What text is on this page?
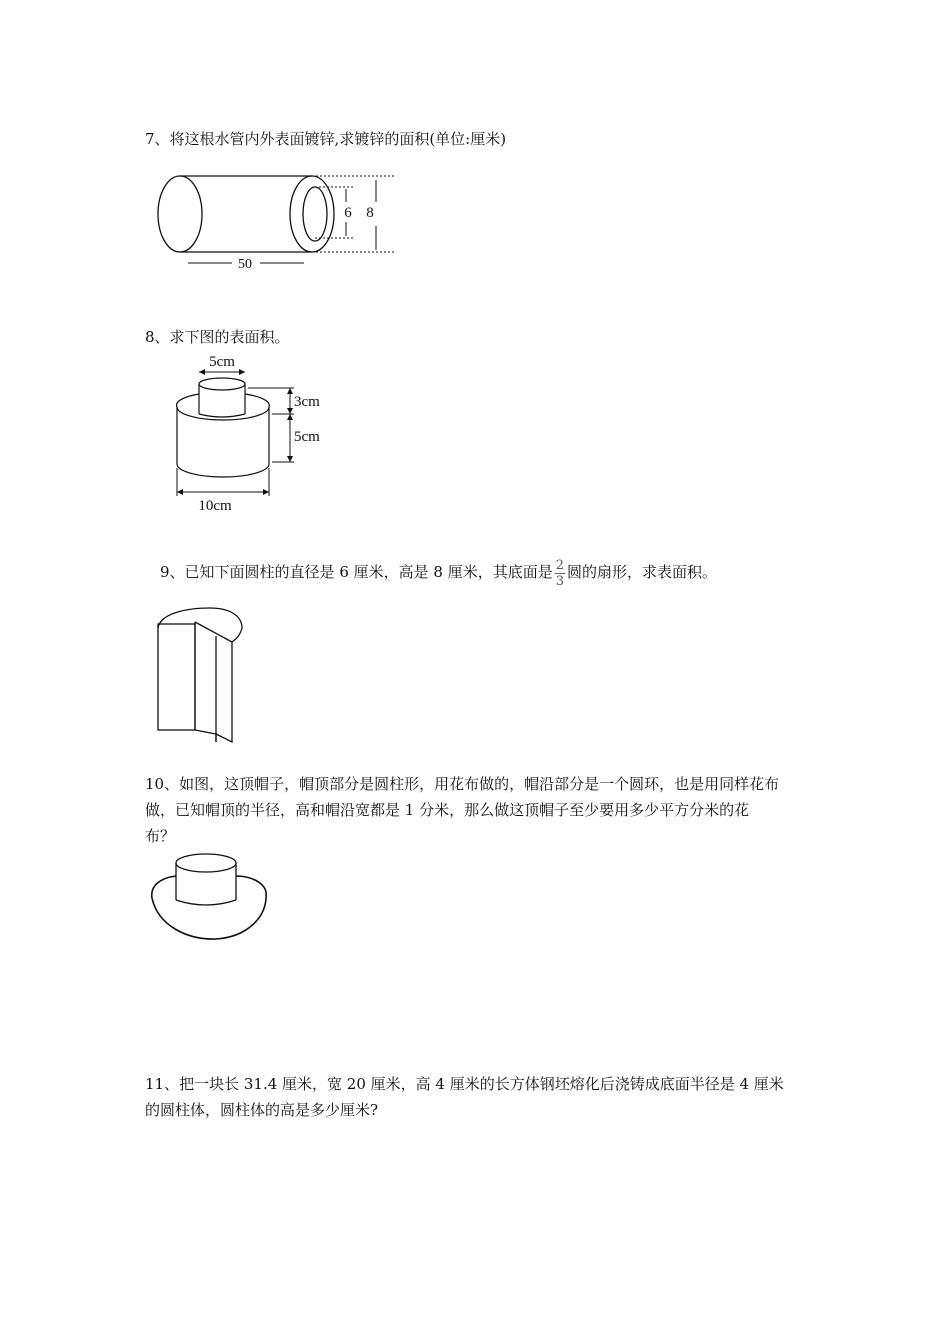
7、将这根水管内外表面镀锌,求镀锌的面积(单位:厘米)

6 8
50

8、求下图的表面积。

5cm
3cm
5cm
10cm
9、已知下面圆柱的直径是 6 厘米，高是 8 厘米，其底面是 $\frac{2}{3}$ 圆的扇形，求表面积。

10、如图，这顶帽子，帽顶部分是圆柱形，用花布做的，帽沿部分是一个圆环，也是用同样花布

做，已知帽顶的半径，高和帽沿宽都是 1 分米，那么做这顶帽子至少要用多少平方分米的花

布？

11、把一块长 31.4 厘米，宽 20 厘米，高 4 厘米的长方体钢坯熔化后浇铸成底面半径是 4 厘米

的圆柱体，圆柱体的高是多少厘米?
